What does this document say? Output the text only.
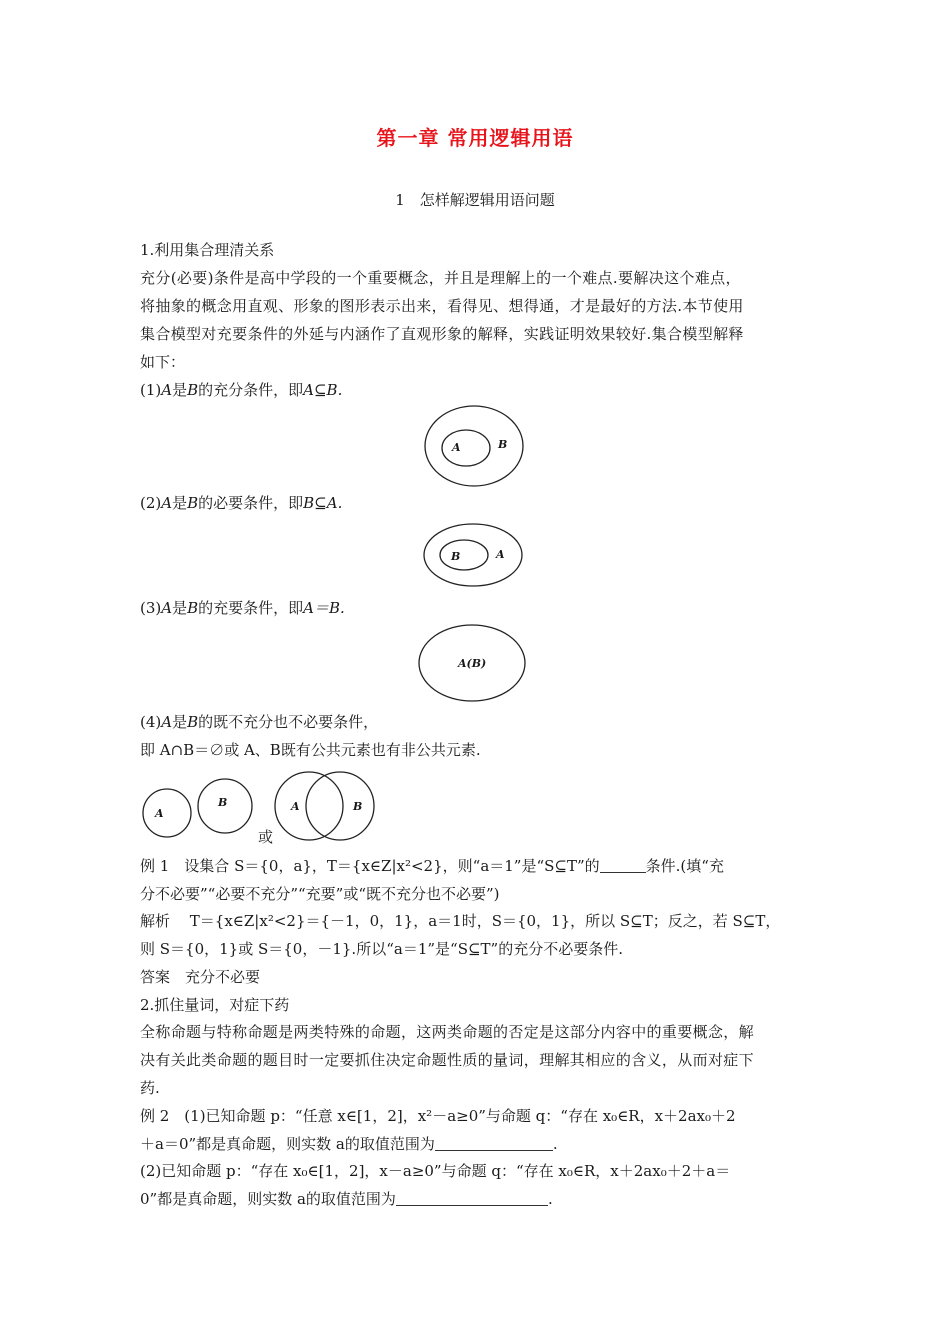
第一章 常用逻辑用语
1　怎样解逻辑用语问题
1.利用集合理清关系
充分(必要)条件是高中学段的一个重要概念，并且是理解上的一个难点.要解决这个难点，
将抽象的概念用直观、形象的图形表示出来，看得见、想得通，才是最好的方法.本节使用
集合模型对充要条件的外延与内涵作了直观形象的解释，实践证明效果较好.集合模型解释
如下：
(1)A是B的充分条件，即A⊆B.
A	B
B	A
A(B)
A
B	A	B
(2)A是B的必要条件，即B⊆A.
(3)A是B的充要条件，即A＝B.
(4)A是B的既不充分也不必要条件，
即 A∩B＝∅或 A、B既有公共元素也有非公共元素.
或
例 1　设集合 S＝{0，a}，T＝{x∈Z|x²<2}，则“a＝1”是“S⊆T”的	条件.(填“充
分不必要”“必要不充分”“充要”或“既不充分也不必要”)
解析　 T＝{x∈Z|x²<2}＝{－1，0，1}，a＝1时，S＝{0，1}，所以 S⊆T；反之，若 S⊆T，
则 S＝{0，1}或 S＝{0，－1}.所以“a＝1”是“S⊆T”的充分不必要条件.
答案　充分不必要
2.抓住量词，对症下药
全称命题与特称命题是两类特殊的命题，这两类命题的否定是这部分内容中的重要概念，解
决有关此类命题的题目时一定要抓住决定命题性质的量词，理解其相应的含义，从而对症下
药.
例 2　(1)已知命题 p：“任意 x∈[1，2]，x²－a≥0”与命题 q：“存在 x₀∈R，x＋2ax₀＋2
＋a＝0”都是真命题，则实数 a的取值范围为	.
(2)已知命题 p：“存在 x₀∈[1，2]，x－a≥0”与命题 q：“存在 x₀∈R，x＋2ax₀＋2＋a＝
0”都是真命题，则实数 a的取值范围为	.
